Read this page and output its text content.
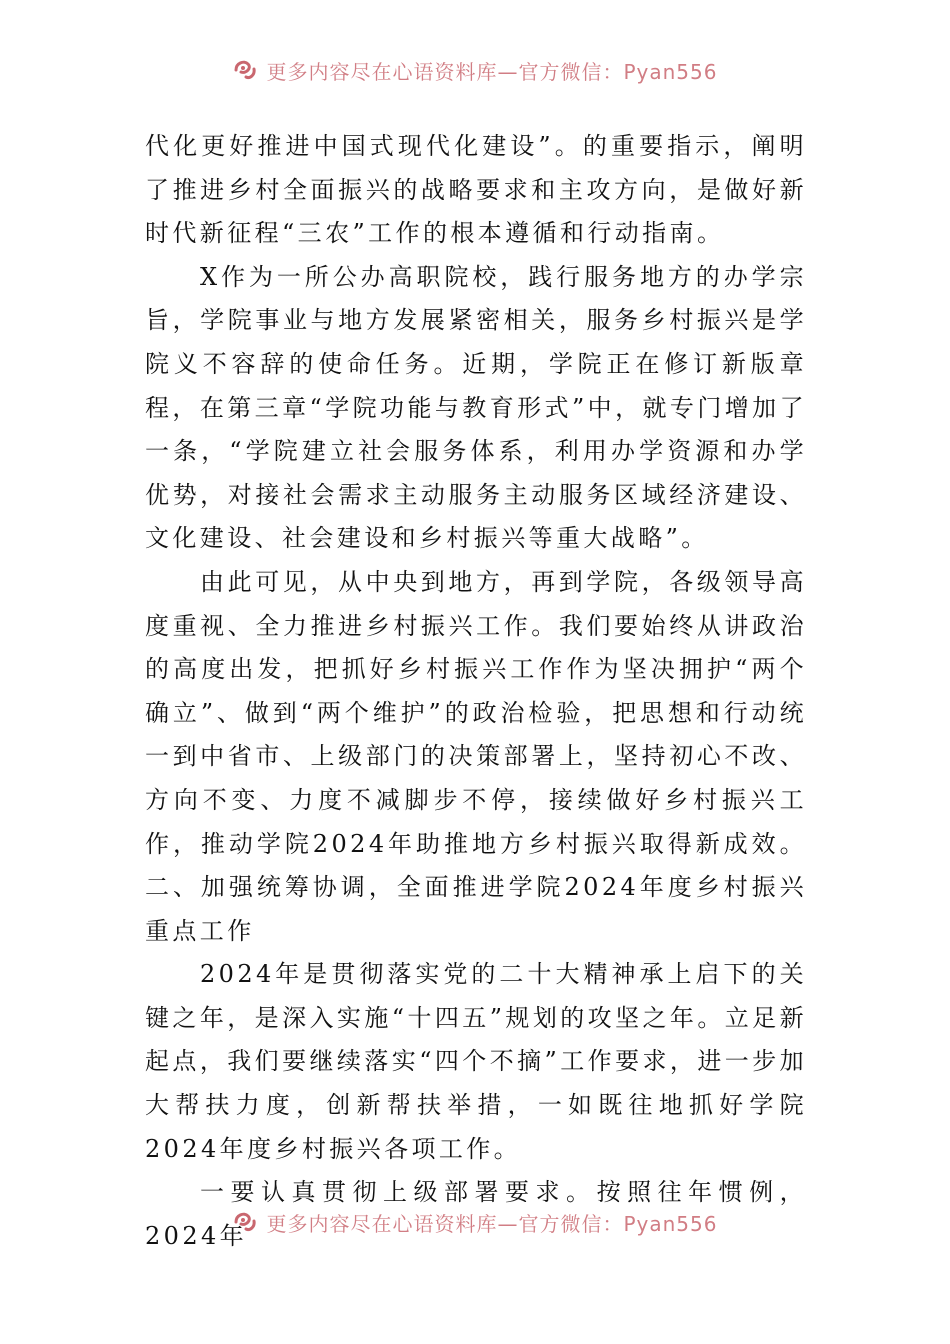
更多内容尽在心语资料库—官方微信：Pyan556

代化更好推进中国式现代化建设”。的重要指示，阐明了推进乡村全面振兴的战略要求和主攻方向，是做好新时代新征程“三农”工作的根本遵循和行动指南。

X作为一所公办高职院校，践行服务地方的办学宗旨，学院事业与地方发展紧密相关，服务乡村振兴是学院义不容辞的使命任务。近期，学院正在修订新版章程，在第三章“学院功能与教育形式”中，就专门增加了一条，“学院建立社会服务体系，利用办学资源和办学优势，对接社会需求主动服务主动服务区域经济建设、文化建设、社会建设和乡村振兴等重大战略”。

由此可见，从中央到地方，再到学院，各级领导高度重视、全力推进乡村振兴工作。我们要始终从讲政治的高度出发，把抓好乡村振兴工作作为坚决拥护“两个确立”、做到“两个维护”的政治检验，把思想和行动统一到中省市、上级部门的决策部署上，坚持初心不改、方向不变、力度不减脚步不停，接续做好乡村振兴工作，推动学院2024年助推地方乡村振兴取得新成效。二、加强统筹协调，全面推进学院2024年度乡村振兴重点工作

2024年是贯彻落实党的二十大精神承上启下的关键之年，是深入实施“十四五”规划的攻坚之年。立足新起点，我们要继续落实“四个不摘”工作要求，进一步加大帮扶力度，创新帮扶举措，一如既往地抓好学院2024年度乡村振兴各项工作。

一要认真贯彻上级部署要求。按照往年惯例，2024年 更多内容尽在心语资料库—官方微信：Pyan556
